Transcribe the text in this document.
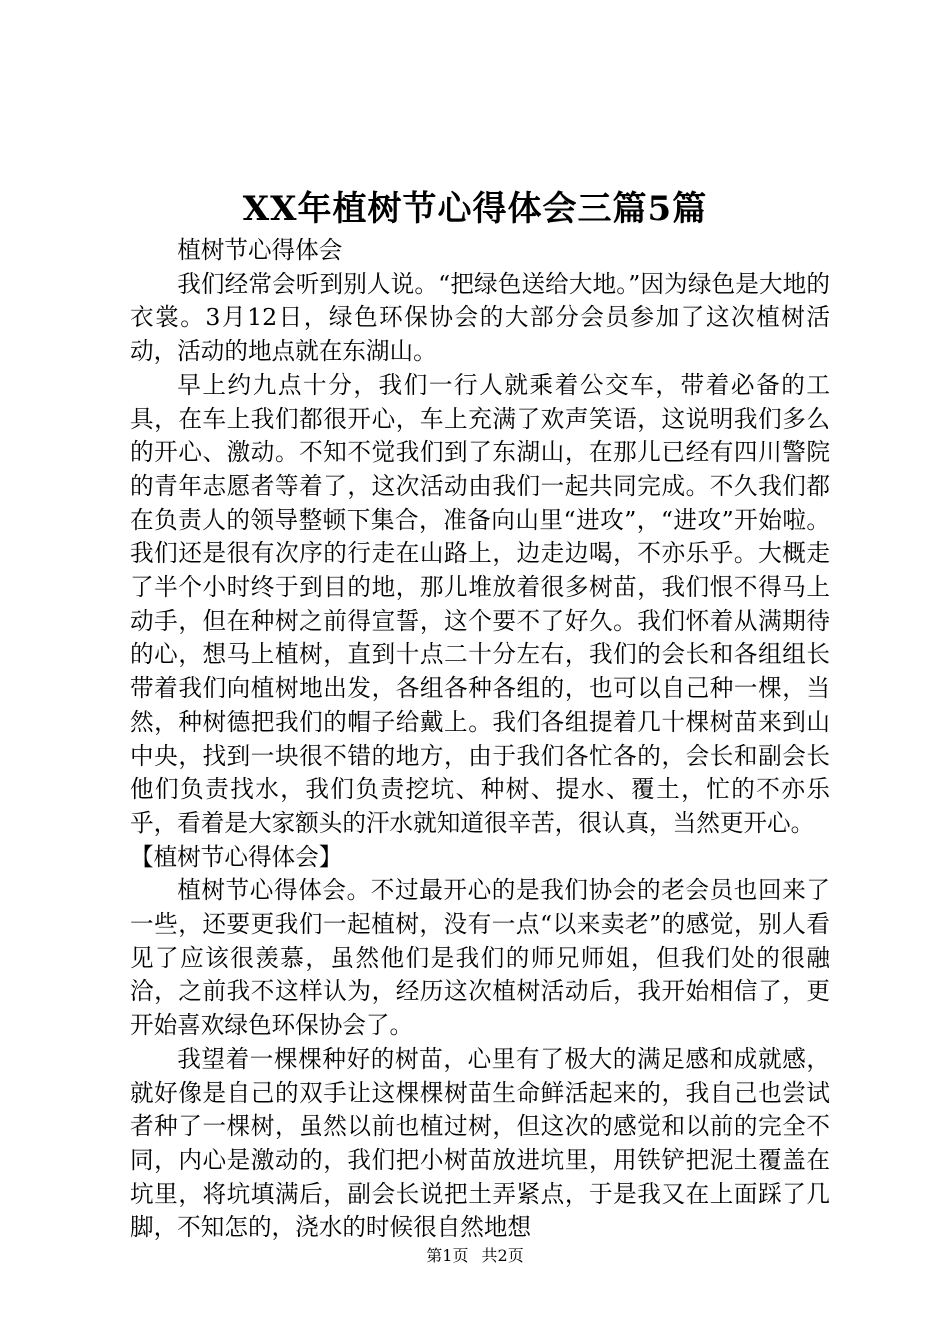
XX年植树节心得体会三篇5篇

植树节心得体会

我们经常会听到别人说。“把绿色送给大地。”因为绿色是大地的衣裳。3月12日，绿色环保协会的大部分会员参加了这次植树活动，活动的地点就在东湖山。

早上约九点十分，我们一行人就乘着公交车，带着必备的工具，在车上我们都很开心，车上充满了欢声笑语，这说明我们多么的开心、激动。不知不觉我们到了东湖山，在那儿已经有四川警院的青年志愿者等着了，这次活动由我们一起共同完成。不久我们都在负责人的领导整顿下集合，准备向山里“进攻”，“进攻”开始啦。我们还是很有次序的行走在山路上，边走边喝，不亦乐乎。大概走了半个小时终于到目的地，那儿堆放着很多树苗，我们恨不得马上动手，但在种树之前得宣誓，这个要不了好久。我们怀着从满期待的心，想马上植树，直到十点二十分左右，我们的会长和各组组长带着我们向植树地出发，各组各种各组的，也可以自己种一棵，当然，种树德把我们的帽子给戴上。我们各组提着几十棵树苗来到山中央，找到一块很不错的地方，由于我们各忙各的，会长和副会长他们负责找水，我们负责挖坑、种树、提水、覆土，忙的不亦乐乎，看着是大家额头的汗水就知道很辛苦，很认真，当然更开心。

【植树节心得体会】

植树节心得体会。不过最开心的是我们协会的老会员也回来了一些，还要更我们一起植树，没有一点“以来卖老”的感觉，别人看见了应该很羡慕，虽然他们是我们的师兄师姐，但我们处的很融洽，之前我不这样认为，经历这次植树活动后，我开始相信了，更开始喜欢绿色环保协会了。

我望着一棵棵种好的树苗，心里有了极大的满足感和成就感，就好像是自己的双手让这棵棵树苗生命鲜活起来的，我自己也尝试者种了一棵树，虽然以前也植过树，但这次的感觉和以前的完全不同，内心是激动的，我们把小树苗放进坑里，用铁铲把泥土覆盖在坑里，将坑填满后，副会长说把土弄紧点，于是我又在上面踩了几脚，不知怎的，浇水的时候很自然地想

第1页 共2页
